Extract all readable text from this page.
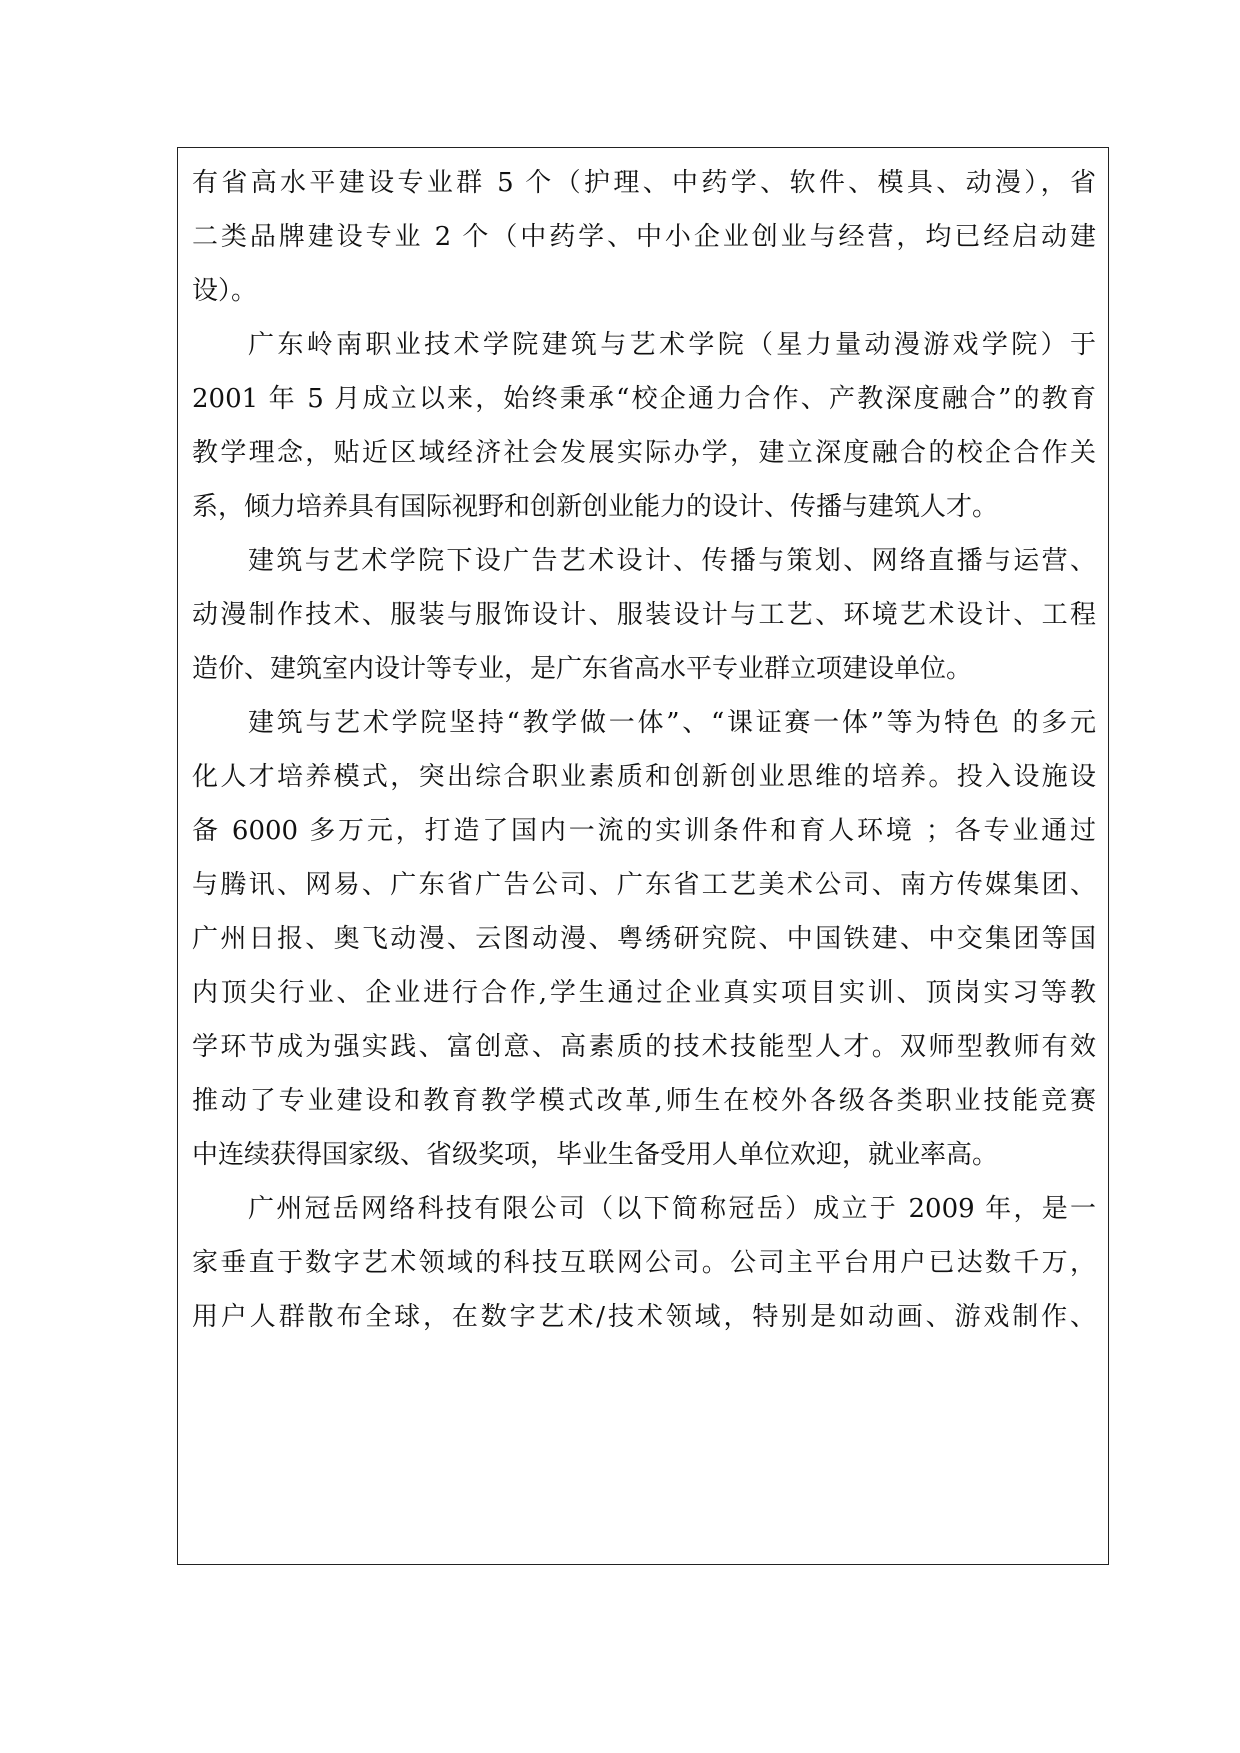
有省高水平建设专业群 5 个（护理、中药学、软件、模具、动漫），省
二类品牌建设专业 2 个（中药学、中小企业创业与经营，均已经启动建
设）。
广东岭南职业技术学院建筑与艺术学院（星力量动漫游戏学院）于
2001 年 5 月成立以来，始终秉承“校企通力合作、产教深度融合”的教育
教学理念，贴近区域经济社会发展实际办学，建立深度融合的校企合作关
系，倾力培养具有国际视野和创新创业能力的设计、传播与建筑人才。
建筑与艺术学院下设广告艺术设计、传播与策划、网络直播与运营、
动漫制作技术、服装与服饰设计、服装设计与工艺、环境艺术设计、工程
造价、建筑室内设计等专业，是广东省高水平专业群立项建设单位。
建筑与艺术学院坚持“教学做一体”、“课证赛一体”等为特色 的多元
化人才培养模式，突出综合职业素质和创新创业思维的培养。投入设施设
备 6000 多万元，打造了国内一流的实训条件和育人环境 ；各专业通过
与腾讯、网易、广东省广告公司、广东省工艺美术公司、南方传媒集团、
广州日报、奥飞动漫、云图动漫、粤绣研究院、中国铁建、中交集团等国
内顶尖行业、企业进行合作,学生通过企业真实项目实训、顶岗实习等教
学环节成为强实践、富创意、高素质的技术技能型人才。双师型教师有效
推动了专业建设和教育教学模式改革,师生在校外各级各类职业技能竞赛
中连续获得国家级、省级奖项，毕业生备受用人单位欢迎，就业率高。
广州冠岳网络科技有限公司（以下简称冠岳）成立于 2009 年，是一
家垂直于数字艺术领域的科技互联网公司。公司主平台用户已达数千万，
用户人群散布全球，在数字艺术/技术领域，特别是如动画、游戏制作、
